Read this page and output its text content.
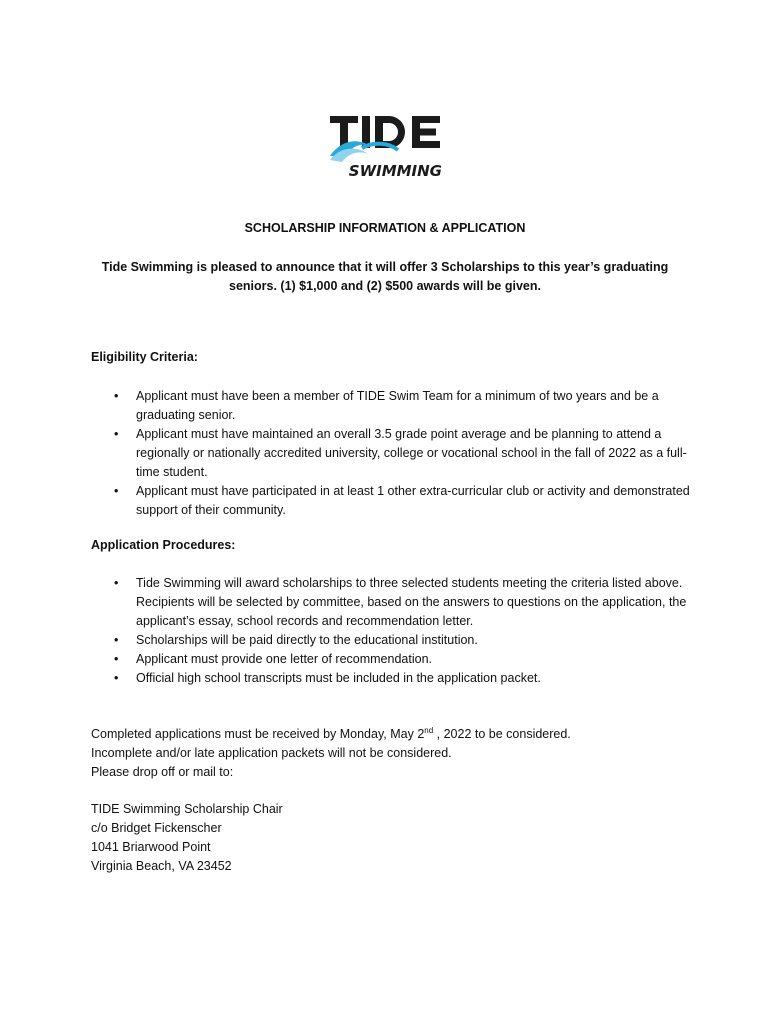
SWIMMING
SCHOLARSHIP INFORMATION & APPLICATION
Tide Swimming is pleased to announce that it will offer 3 Scholarships to this year’s graduating seniors. (1) $1,000 and (2) $500 awards will be given.
Eligibility Criteria:
• Applicant must have been a member of TIDE Swim Team for a minimum of two years and be a graduating senior.
• Applicant must have maintained an overall 3.5 grade point average and be planning to attend a regionally or nationally accredited university, college or vocational school in the fall of 2022 as a full-time student.
• Applicant must have participated in at least 1 other extra-curricular club or activity and demonstrated support of their community.
Application Procedures:
• Tide Swimming will award scholarships to three selected students meeting the criteria listed above. Recipients will be selected by committee, based on the answers to questions on the application, the applicant’s essay, school records and recommendation letter.
• Scholarships will be paid directly to the educational institution.
• Applicant must provide one letter of recommendation.
• Official high school transcripts must be included in the application packet.
Completed applications must be received by Monday, May 2nd , 2022 to be considered.
Incomplete and/or late application packets will not be considered.
Please drop off or mail to:
TIDE Swimming Scholarship Chair
c/o Bridget Fickenscher
1041 Briarwood Point
Virginia Beach, VA 23452
